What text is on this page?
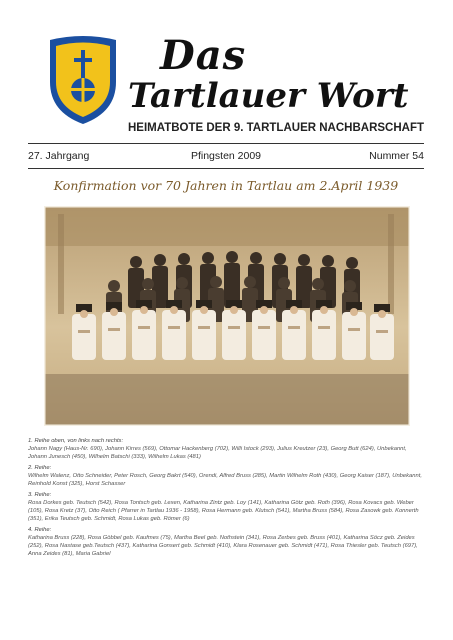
Das
Tartlauer Wort
HEIMATBOTE DER 9. TARTLAUER NACHBARSCHAFT
27. Jahrgang	Pfingsten 2009	Nummer 54
Konfirmation vor 70 Jahren in Tartlau am 2.April 1939
1. Reihe oben, von links nach rechts:
Johann Nagy (Haus-Nr. 690), Johann Kirres (569), Ottomar Hackenberg (702), Willi Istock (293), Julius Kreutzer (23), Georg Butt (624), Unbekannt, Johann Junesch (450), Wilhelm Batschi (333), Wilhelm Lukas (481)
2. Reihe:
Wilhelm Walenz, Otto Schneider, Peter Rosch, Georg Bakrt (540), Orendi, Alfred Bruss (285), Martin Wilhelm Roth (430), Georg Kaiser (187), Unbekannt, Reinhold Konst (325), Horst Schasser
3. Reihe:
Rosa Dorkes geb. Teutsch (542), Rosa Tontsch geb. Lexen, Katharina Zintz geb. Loy (141), Katharina Götz geb. Roth (396), Rosa Kovacs geb. Weber (105), Rosa Kretz (37), Otto Reich ( Pfarrer in Tartlau 1936 - 1958), Rosa Hermann geb. Klutsch (541), Martha Bruss (584), Rosa Zasowk geb. Konnerth (351), Erika Teutsch geb. Schmidt, Rosa Lukas geb. Römer (6)
4. Reihe:
Katharina Bruss (228), Rosa Göbbel geb. Kaufmes (75), Martha Beel geb. Nothstein (341), Rosa Zerbes geb. Bruss (401), Katharina Söcz geb. Zeides (252), Rosa Nastase geb.Teutsch (437), Katharina Gonsert geb. Schmidt (410), Klara Rosenauer geb. Schmidt (471), Rosa Thiesler geb. Teutsch (697), Anna Zeides (81), Maria Gabriel
